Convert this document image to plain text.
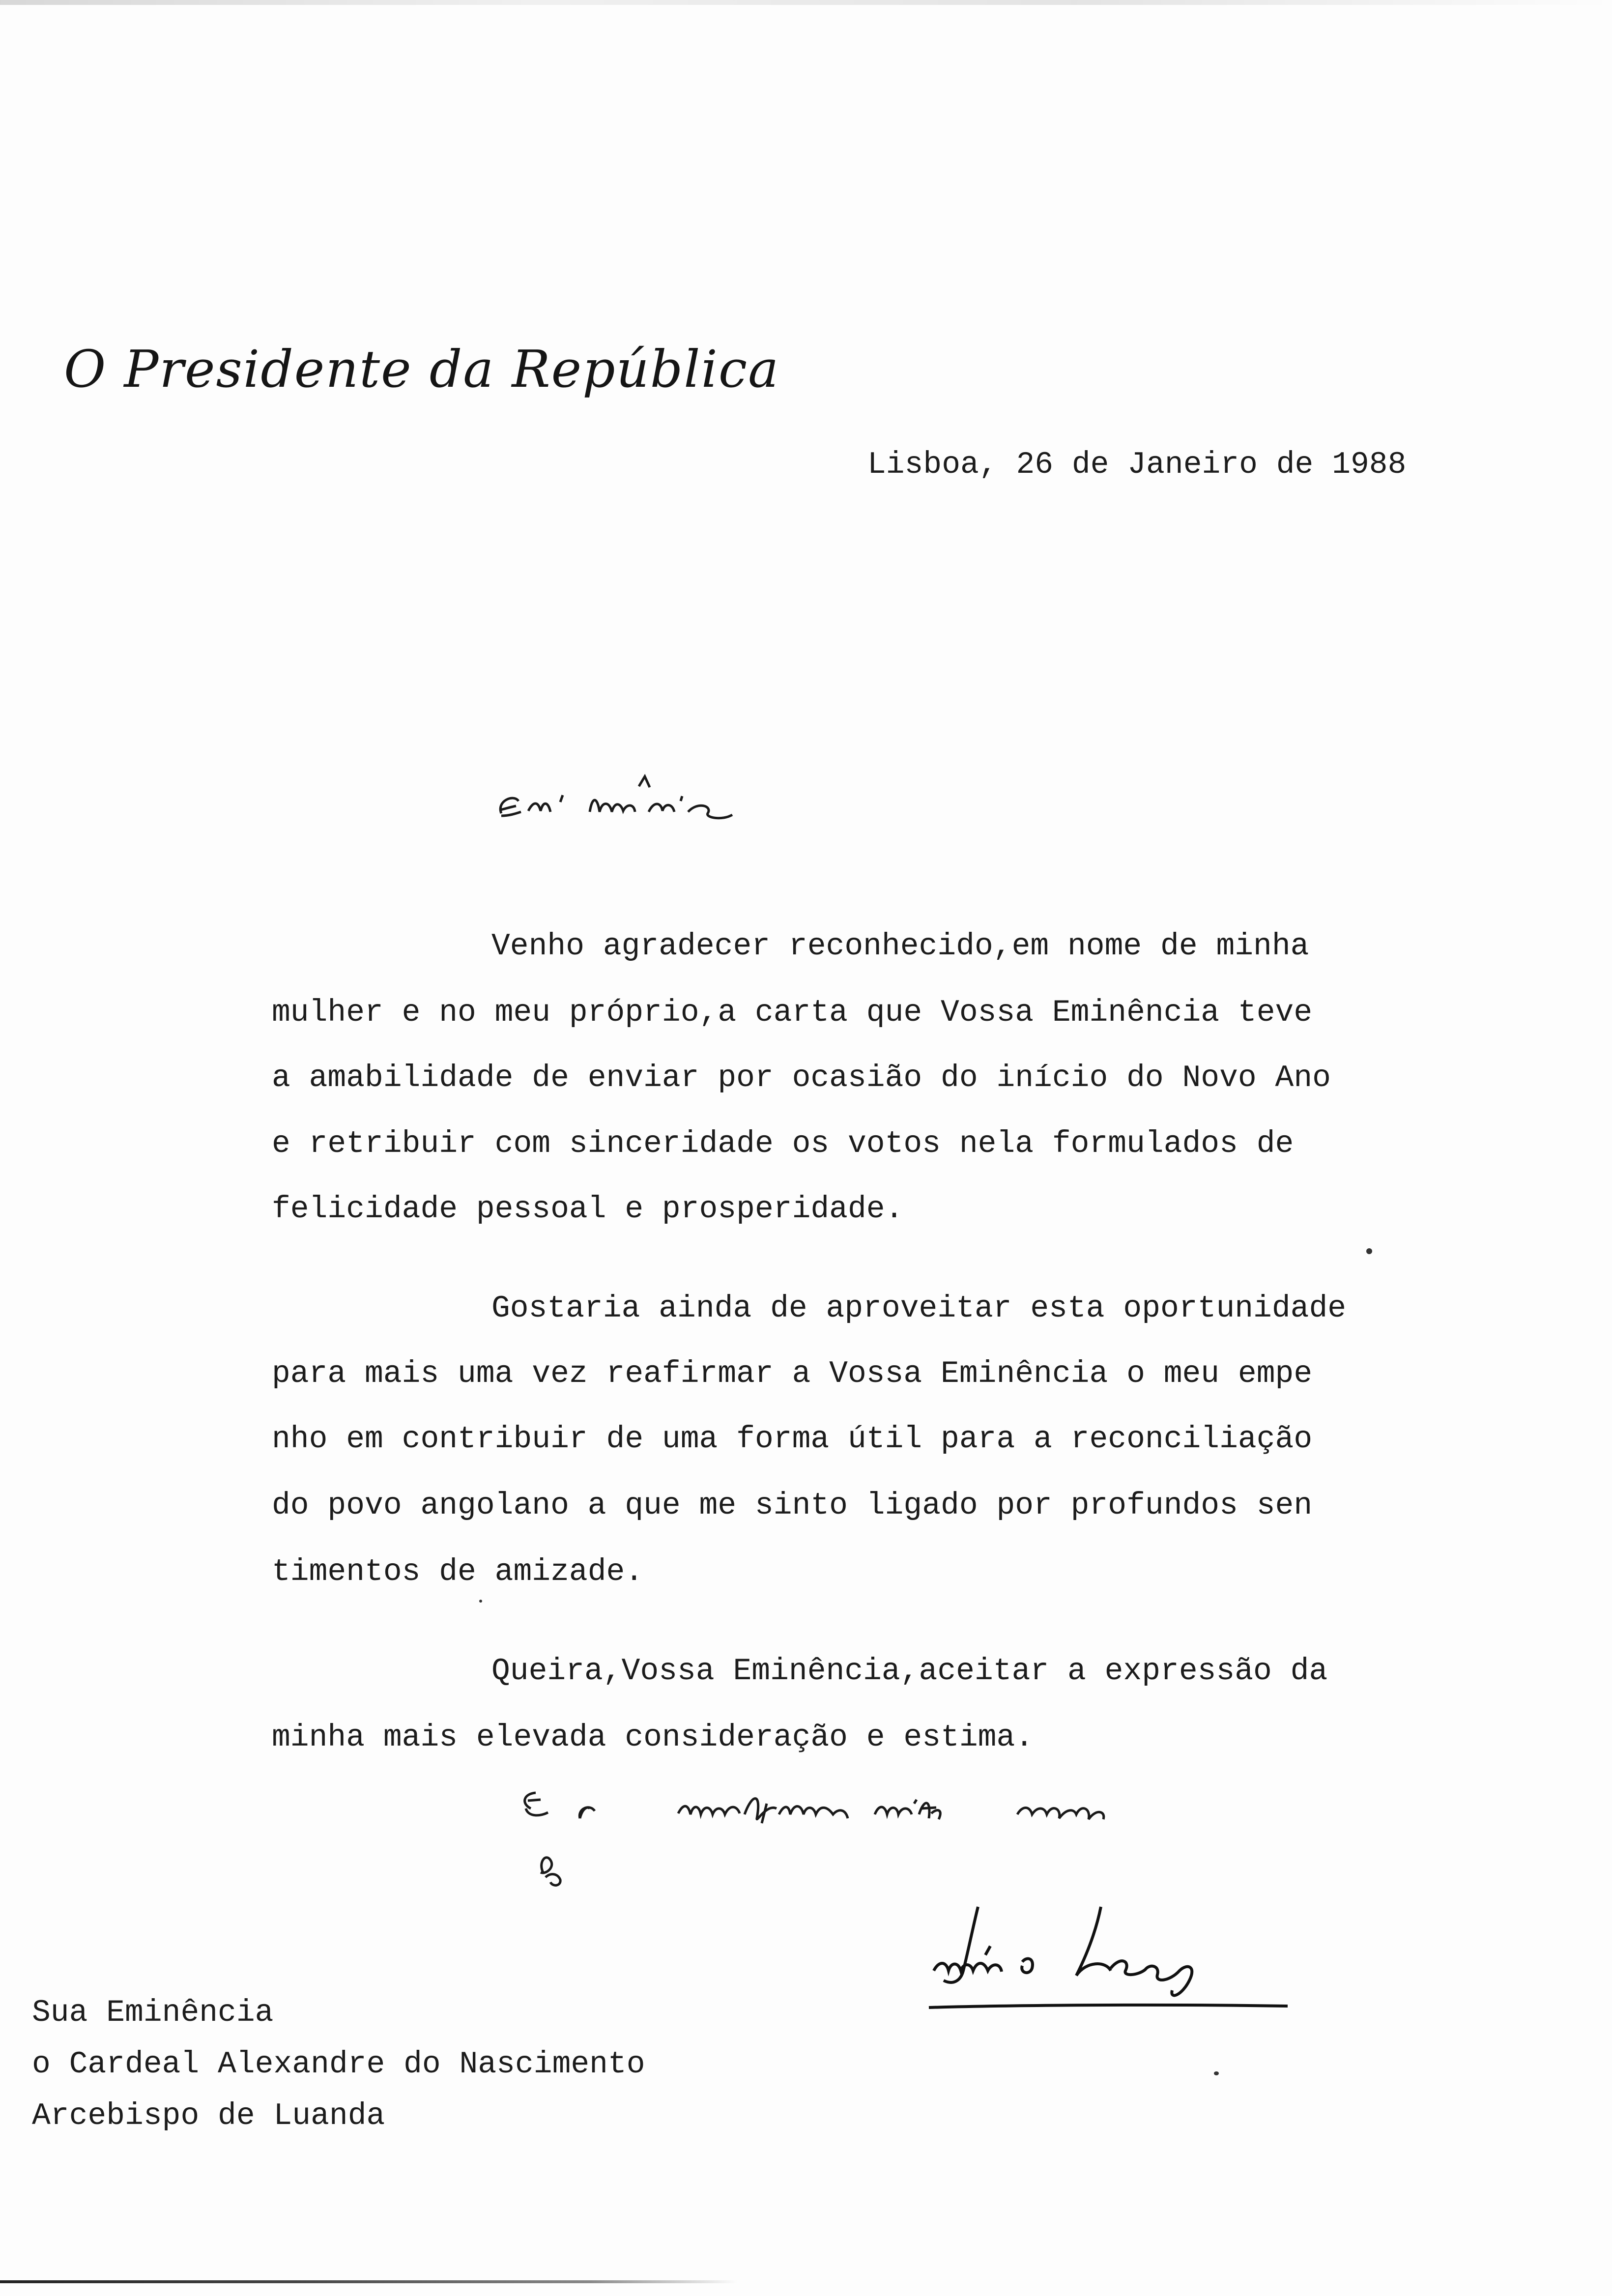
O Presidente da República
Lisboa, 26 de Janeiro de 1988
Venho agradecer reconhecido,em nome de minha
mulher e no meu próprio,a carta que Vossa Eminência teve
a amabilidade de enviar por ocasião do início do Novo Ano
e retribuir com sinceridade os votos nela formulados de
felicidade pessoal e prosperidade.
Gostaria ainda de aproveitar esta oportunidade
para mais uma vez reafirmar a Vossa Eminência o meu empe
nho em contribuir de uma forma útil para a reconciliação
do povo angolano a que me sinto ligado por profundos sen
timentos de amizade.
Queira,Vossa Eminência,aceitar a expressão da
minha mais elevada consideração e estima.
Sua Eminência
o Cardeal Alexandre do Nascimento
Arcebispo de Luanda
